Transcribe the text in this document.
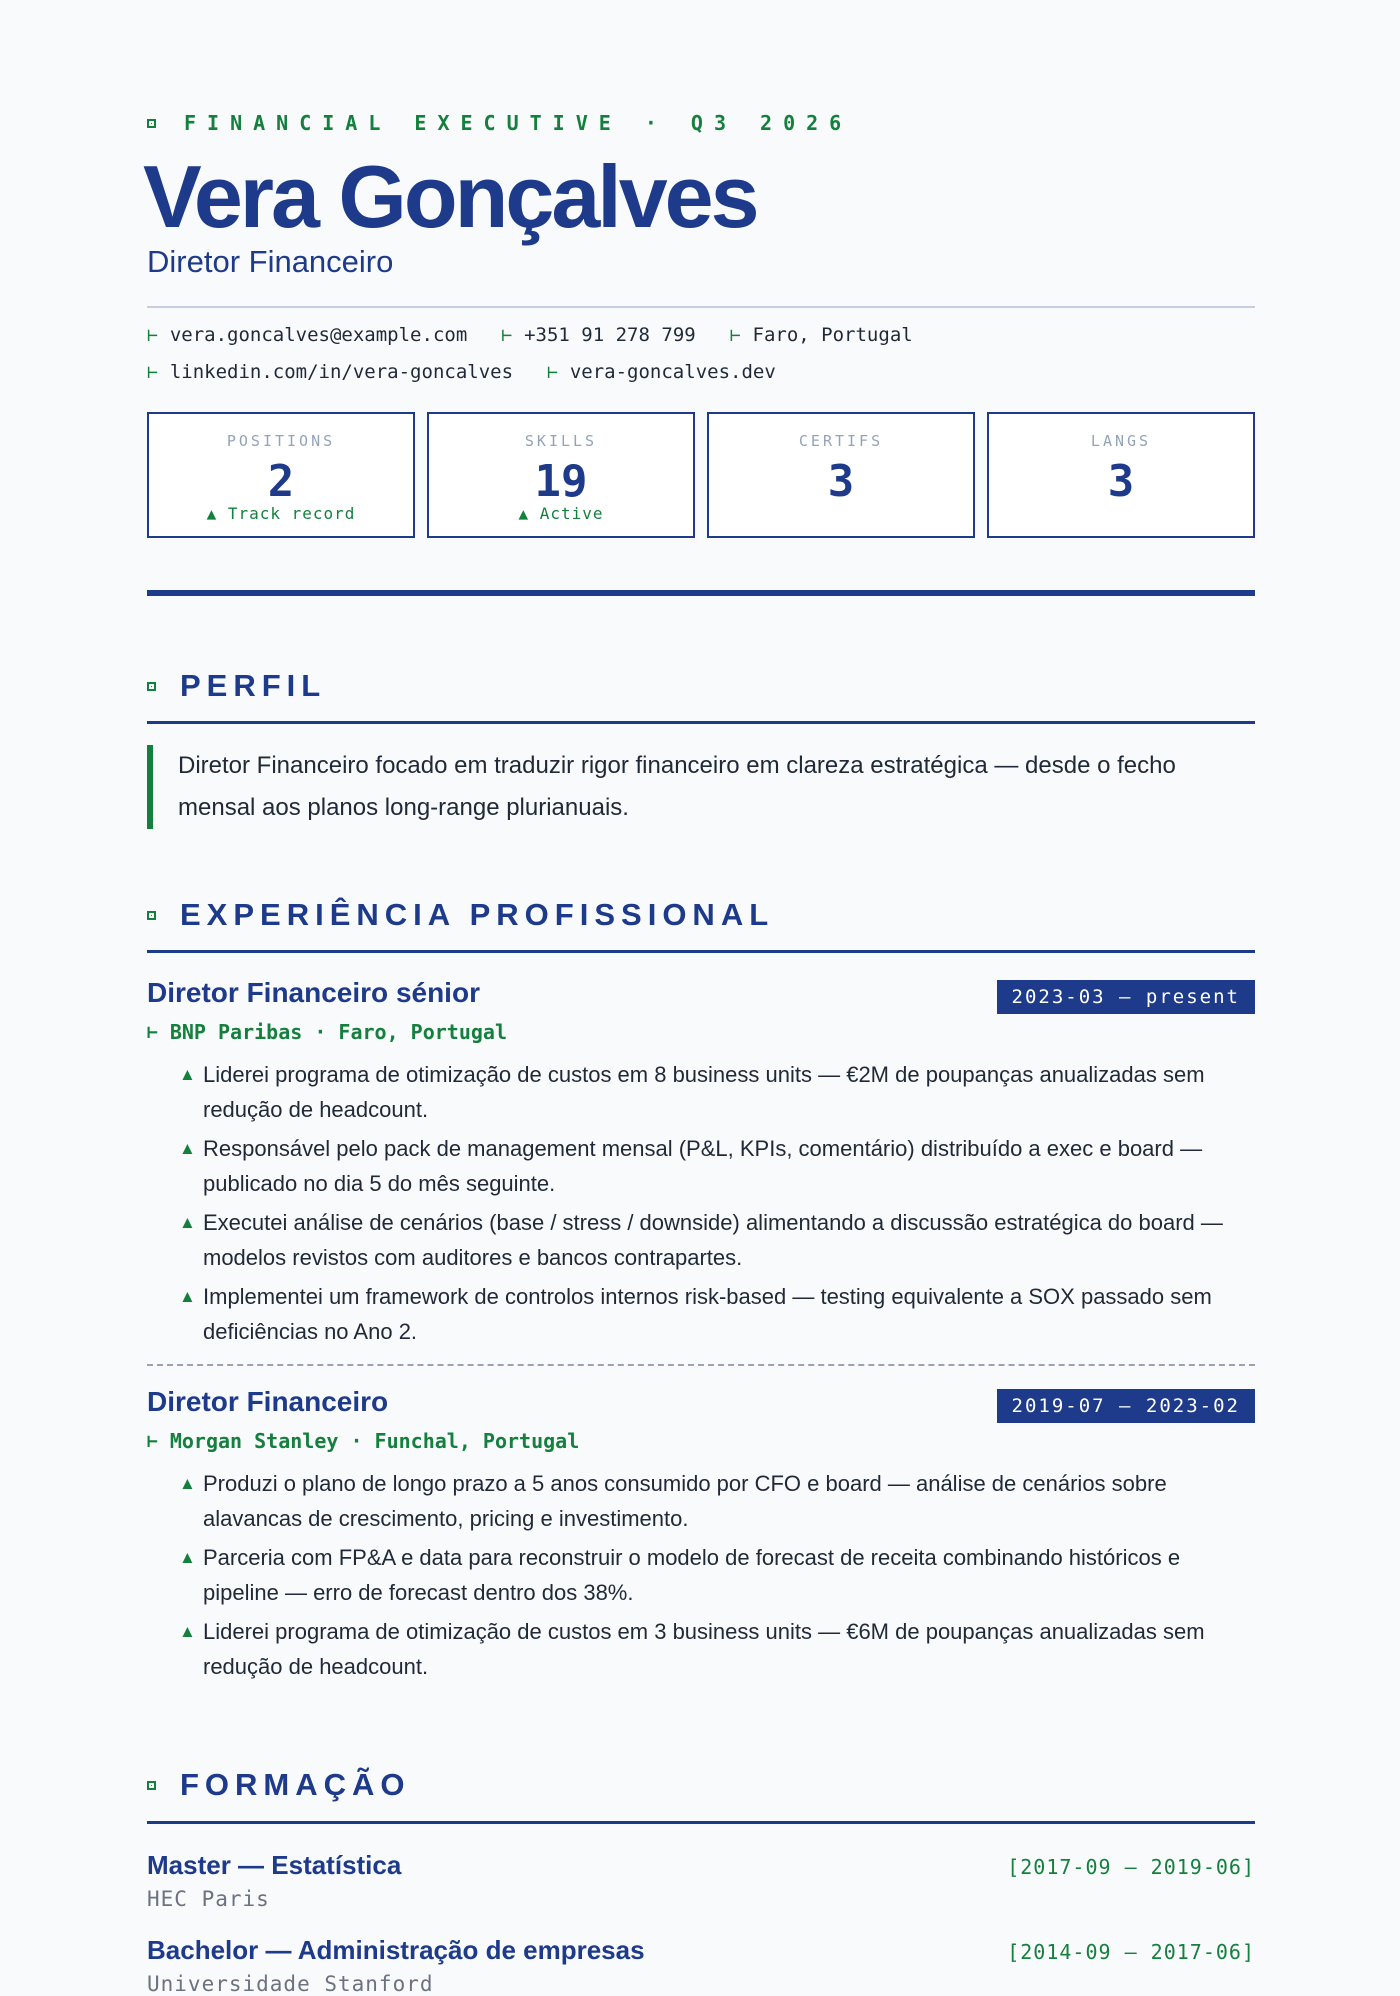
FINANCIAL EXECUTIVE · Q3 2026
Vera Gonçalves
Diretor Financeiro
⊢ vera.goncalves@example.com ⊢ +351 91 278 799 ⊢ Faro, Portugal
⊢ linkedin.com/in/vera-goncalves ⊢ vera-goncalves.dev
POSITIONS
2
▲ Track record
SKILLS
19
▲ Active
CERTIFS
3
LANGS
3
PERFIL
Diretor Financeiro focado em traduzir rigor financeiro em clareza estratégica — desde o fecho mensal aos planos long-range plurianuais.
EXPERIÊNCIA PROFISSIONAL
Diretor Financeiro sénior	2023-03 – present
⊢ BNP Paribas · Faro, Portugal
▲ Liderei programa de otimização de custos em 8 business units — €2M de poupanças anualizadas sem redução de headcount.
▲ Responsável pelo pack de management mensal (P&L, KPIs, comentário) distribuído a exec e board — publicado no dia 5 do mês seguinte.
▲ Executei análise de cenários (base / stress / downside) alimentando a discussão estratégica do board — modelos revistos com auditores e bancos contrapartes.
▲ Implementei um framework de controlos internos risk-based — testing equivalente a SOX passado sem deficiências no Ano 2.
Diretor Financeiro	2019-07 – 2023-02
⊢ Morgan Stanley · Funchal, Portugal
▲ Produzi o plano de longo prazo a 5 anos consumido por CFO e board — análise de cenários sobre alavancas de crescimento, pricing e investimento.
▲ Parceria com FP&A e data para reconstruir o modelo de forecast de receita combinando históricos e pipeline — erro de forecast dentro dos 38%.
▲ Liderei programa de otimização de custos em 3 business units — €6M de poupanças anualizadas sem redução de headcount.
FORMAÇÃO
Master — Estatística	[2017-09 – 2019-06]
HEC Paris
Bachelor — Administração de empresas	[2014-09 – 2017-06]
Universidade Stanford
